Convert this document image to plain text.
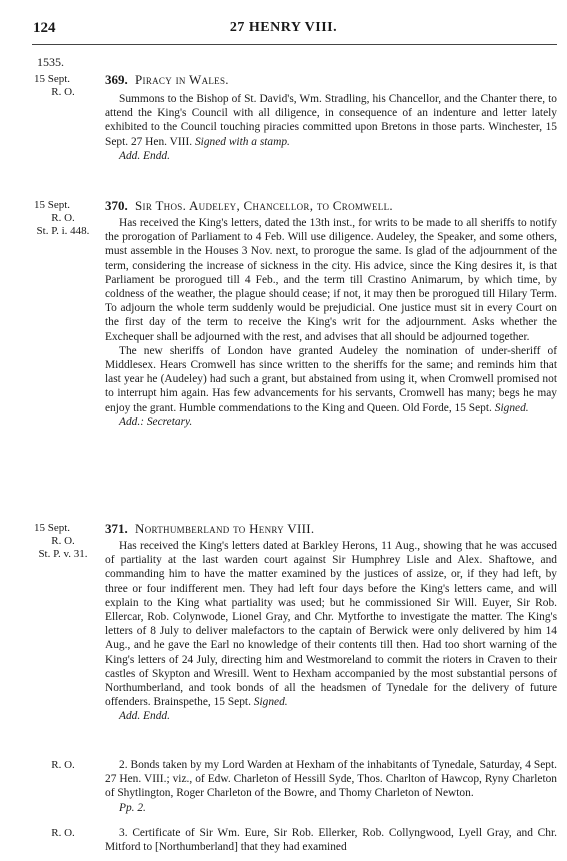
124	27 HENRY VIII.
1535.
15 Sept.
R. O.
369. Piracy in Wales.

Summons to the Bishop of St. David's, Wm. Stradling, his Chancellor, and the Chanter there, to attend the King's Council with all diligence, in consequence of an indenture and letter lately exhibited to the Council touching piracies committed upon Bretons in those parts. Winchester, 15 Sept. 27 Hen. VIII. Signed with a stamp.

Add. Endd.

15 Sept.
R. O.
St. P. i. 448.
370. Sir Thos. Audeley, Chancellor, to Cromwell.

Has received the King's letters, dated the 13th inst., for writs to be made to all sheriffs to notify the prorogation of Parliament to 4 Feb. Will use diligence. Audeley, the Speaker, and some others, must assemble in the Houses 3 Nov. next, to prorogue the same. Is glad of the adjournment of the term, considering the increase of sickness in the city. His advice, since the King desires it, is that Parliament be prorogued till 4 Feb., and the term till Crastino Animarum, by which time, by coldness of the weather, the plague should cease; if not, it may then be prorogued till Hilary Term. To adjourn the whole term suddenly would be prejudicial. One justice must sit in every Court on the first day of the term to receive the King's writ for the adjournment. Asks whether the Exchequer shall be adjourned with the rest, and advises that all should be adjourned together.

The new sheriffs of London have granted Audeley the nomination of under-sheriff of Middlesex. Hears Cromwell has since written to the sheriffs for the same; and reminds him that last year he (Audeley) had such a grant, but abstained from using it, when Cromwell promised not to interrupt him again. Has few advancements for his servants, Cromwell has many; begs he may enjoy the grant. Humble commendations to the King and Queen. Old Forde, 15 Sept. Signed.

Add.: Secretary.

15 Sept.
R. O.
St. P. v. 31.
371. Northumberland to Henry VIII.

Has received the King's letters dated at Barkley Herons, 11 Aug., showing that he was accused of partiality at the last warden court against Sir Humphrey Lisle and Alex. Shaftowe, and commanding him to have the matter examined by the justices of assize, or, if they had left, by three or four indifferent men. They had left four days before the King's letters came, and will explain to the King what partiality was used; but he commissioned Sir Will. Euyer, Sir Rob. Ellercar, Rob. Colynwode, Lionel Gray, and Chr. Mytforthe to investigate the matter. The King's letters of 8 July to deliver malefactors to the captain of Berwick were only delivered by him 14 Aug., and he gave the Earl no knowledge of their contents till then. Had too short warning of the King's letters of 24 July, directing him and Westmoreland to commit the rioters in Craven to their castles of Skypton and Wresill. Went to Hexham accompanied by the most substantial persons of Northumberland, and took bonds of all the headsmen of Tynedale for the delivery of future offenders. Brainspethe, 15 Sept. Signed.

Add. Endd.

R. O.	2. Bonds taken by my Lord Warden at Hexham of the inhabitants of Tynedale, Saturday, 4 Sept. 27 Hen. VIII.; viz., of Edw. Charleton of Hessill Syde, Thos. Charlton of Hawcop, Ryny Charleton of Shytlington, Roger Charleton of the Bowre, and Thomy Charleton of Newton.

Pp. 2.

R. O.	3. Certificate of Sir Wm. Eure, Sir Rob. Ellerker, Rob. Collyngwood, Lyell Gray, and Chr. Mitford to [Northumberland] that they had examined
